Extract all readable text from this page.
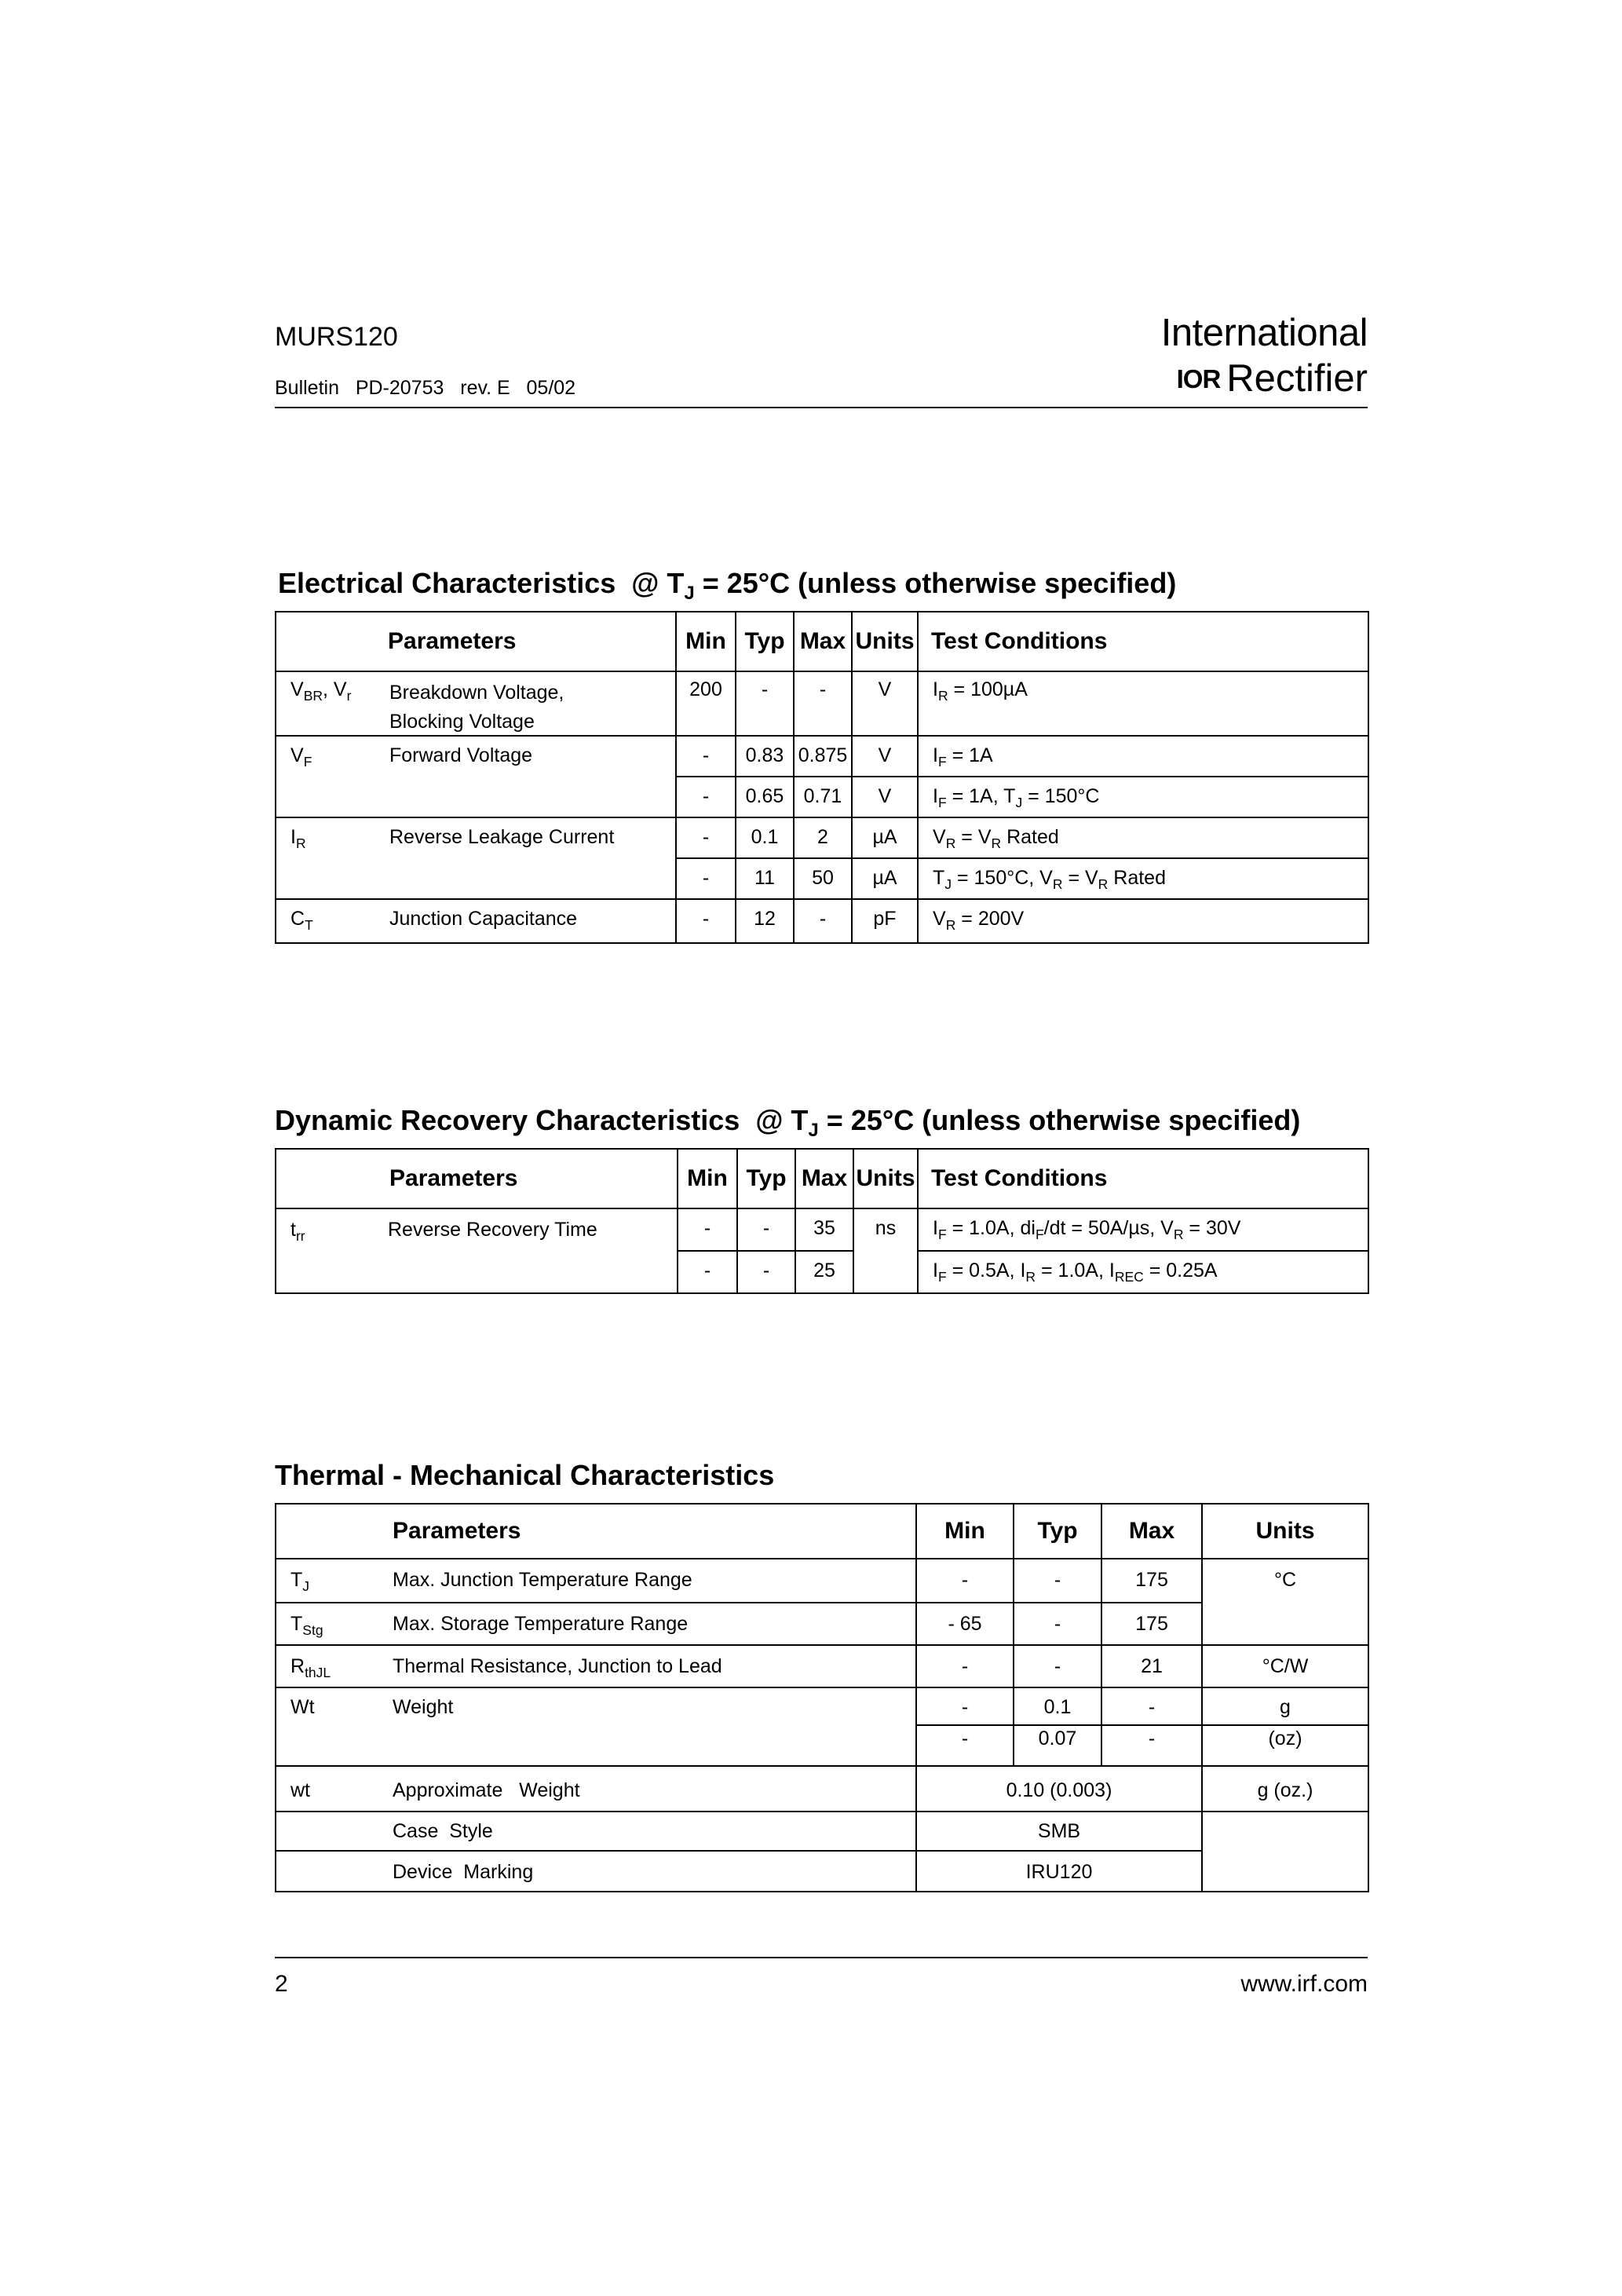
MURS120
Bulletin   PD-20753   rev. E   05/02
International
IOR Rectifier
Electrical Characteristics  @ $T_J = 25^\circ C$ (unless otherwise specified)
Parameters	Min	Typ	Max	Units	Test Conditions

$V_{BR}$, $V_r$ Breakdown Voltage,
Blocking Voltage	200	-	-	V	$I_R = 100\mu A$

$V_F$ Forward Voltage	-	0.83	0.875	V	$I_F = 1A$
	-	0.65	0.71	V	$I_F = 1A$, $T_J = 150^\circ C$

$I_R$ Reverse Leakage Current	-	0.1	2	µA	$V_R = V_R$ Rated
	-	11	50	µA	$T_J = 150^\circ C$, $V_R = V_R$ Rated

$C_T$ Junction Capacitance	-	12	-	pF	$V_R = 200V$
Dynamic Recovery Characteristics  @ $T_J = 25^\circ C$ (unless otherwise specified)
Parameters	Min	Typ	Max	Units	Test Conditions

$t_{rr}$ Reverse Recovery Time	-	-	35	ns	$I_F = 1.0A$, $di_F/dt = 50A/\mu s$, $V_R = 30V$
	-	-	25		$I_F = 0.5A$, $I_R = 1.0A$, $I_{REC} = 0.25A$
Thermal - Mechanical Characteristics
Parameters	Min	Typ	Max	Units

$T_J$ Max. Junction Temperature Range	-	-	175	°C

$T_{Stg}$ Max. Storage Temperature Range	- 65	-	175	

$R_{thJL}$ Thermal Resistance, Junction to Lead	-	-	21	°C/W

Wt Weight	-	0.1	-	g
	-	0.07	-	(oz)

wt Approximate   Weight	0.10 (0.003)			g (oz.)

Case  Style	SMB			

Device  Marking	IRU120			
2	www.irf.com
